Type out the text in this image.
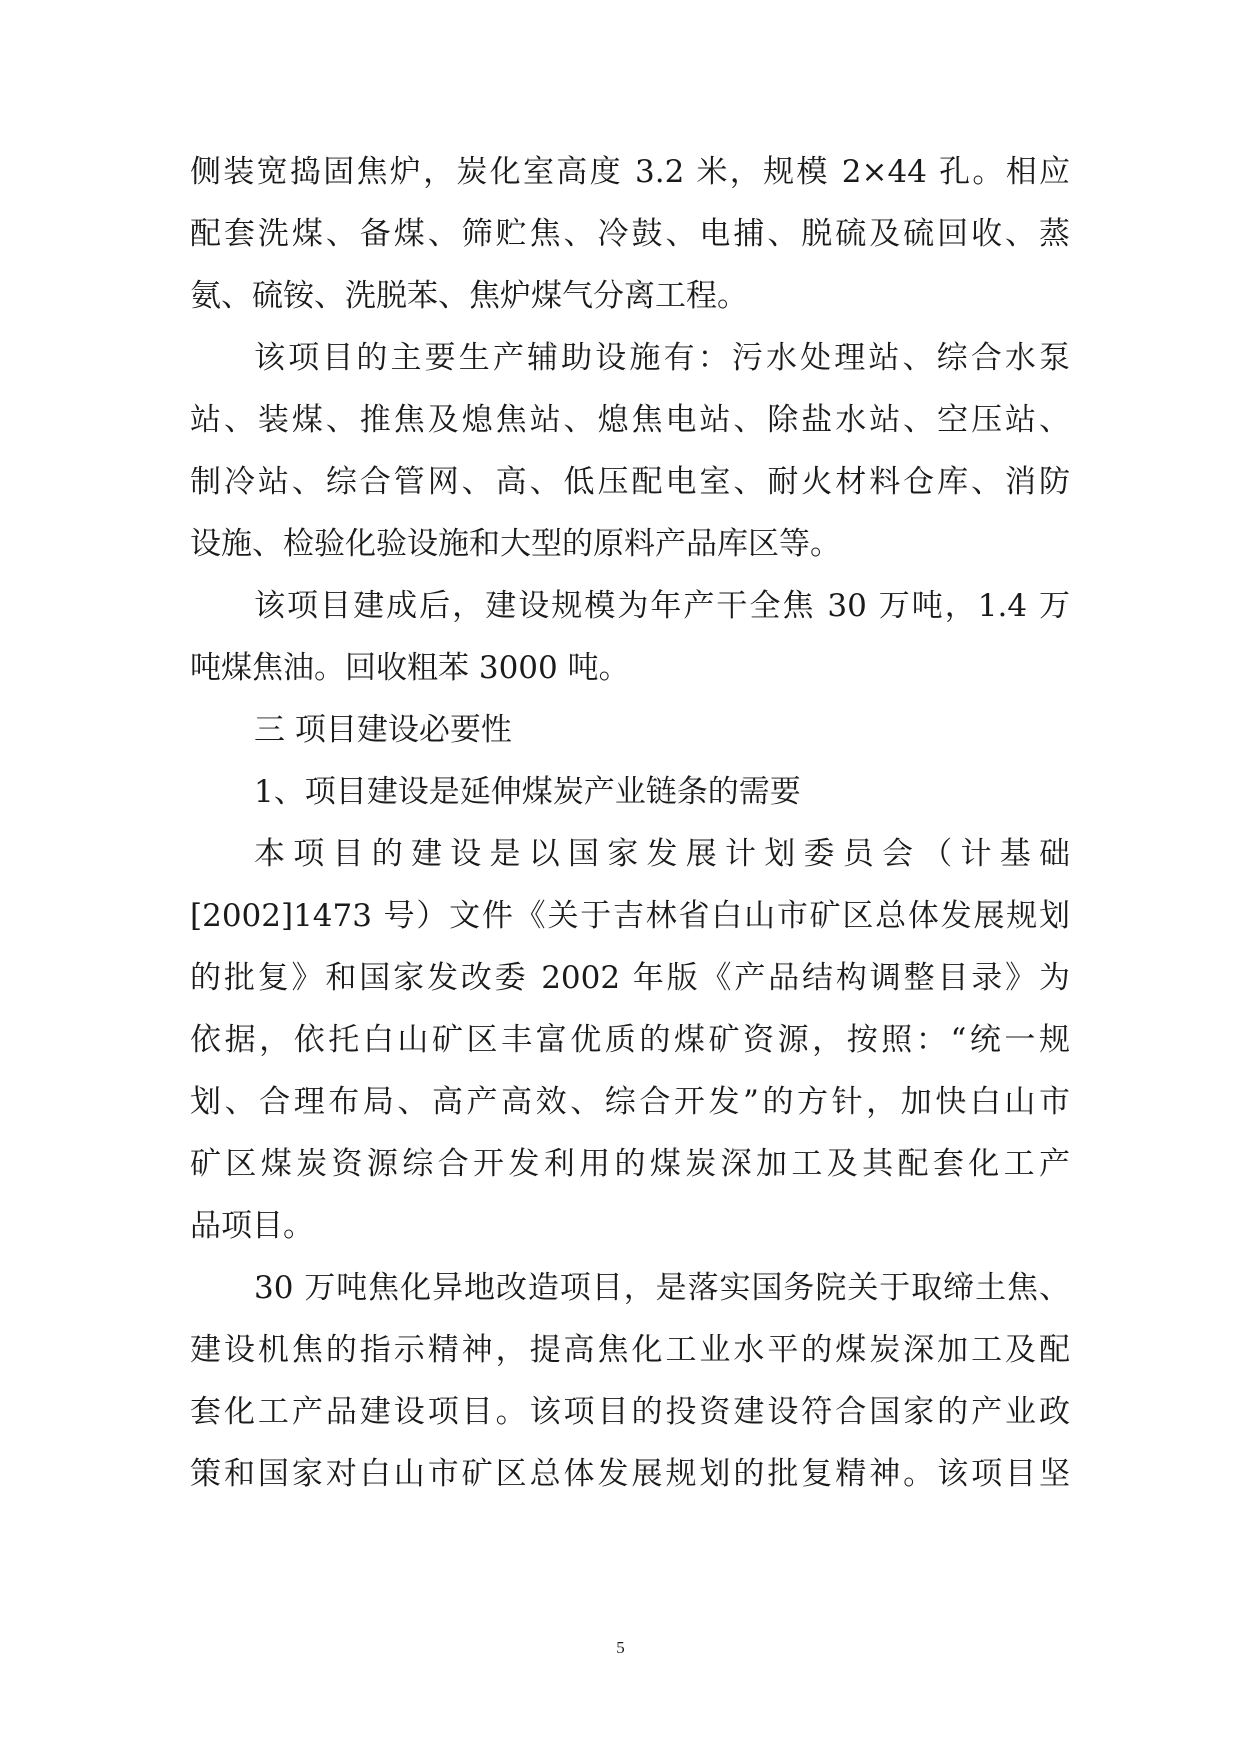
侧装宽捣固焦炉，炭化室高度 3.2 米，规模 2×44 孔。相应
配套洗煤、备煤、筛贮焦、冷鼓、电捕、脱硫及硫回收、蒸
氨、硫铵、洗脱苯、焦炉煤气分离工程。
该项目的主要生产辅助设施有：污水处理站、综合水泵
站、装煤、推焦及熄焦站、熄焦电站、除盐水站、空压站、
制冷站、综合管网、高、低压配电室、耐火材料仓库、消防
设施、检验化验设施和大型的原料产品库区等。
该项目建成后，建设规模为年产干全焦 30 万吨，1.4 万
吨煤焦油。回收粗苯 3000 吨。
三 项目建设必要性
1、项目建设是延伸煤炭产业链条的需要
本项目的建设是以国家发展计划委员会（计基础
[2002]1473 号）文件《关于吉林省白山市矿区总体发展规划
的批复》和国家发改委 2002 年版《产品结构调整目录》为
依据，依托白山矿区丰富优质的煤矿资源，按照：“统一规
划、合理布局、高产高效、综合开发”的方针，加快白山市
矿区煤炭资源综合开发利用的煤炭深加工及其配套化工产
品项目。
30 万吨焦化异地改造项目，是落实国务院关于取缔土焦、
建设机焦的指示精神，提高焦化工业水平的煤炭深加工及配
套化工产品建设项目。该项目的投资建设符合国家的产业政
策和国家对白山市矿区总体发展规划的批复精神。该项目坚
5
